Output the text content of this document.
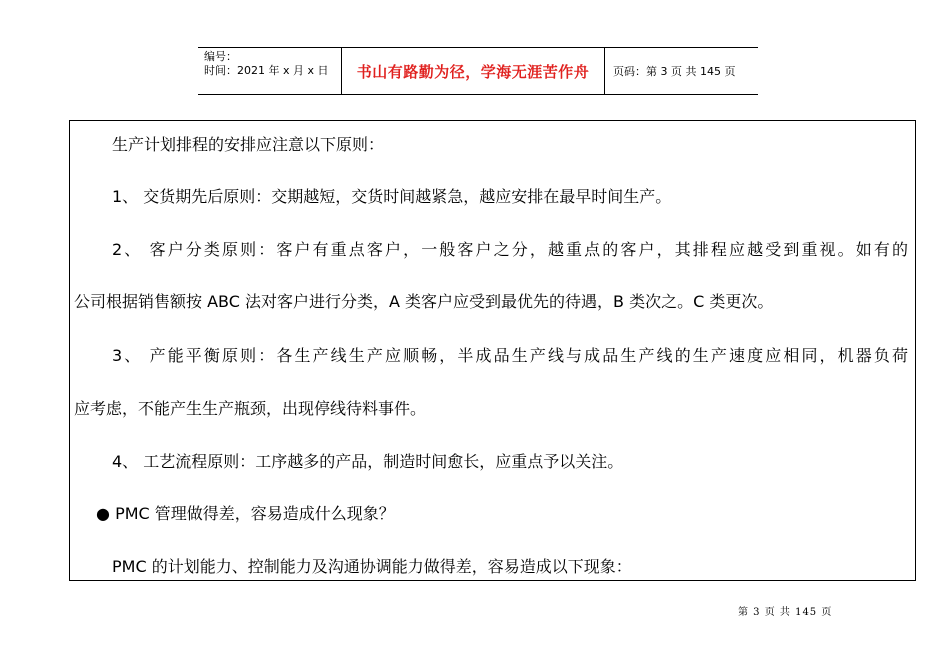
编号：
时间：2021 年 x 月 x 日	书山有路勤为径，学海无涯苦作舟 页码：第 3 页 共 145 页
生产计划排程的安排应注意以下原则：
1、 交货期先后原则：交期越短，交货时间越紧急，越应安排在最早时间生产。
2、 客户分类原则：客户有重点客户，一般客户之分，越重点的客户，其排程应越受到重视。如有的
公司根据销售额按 ABC 法对客户进行分类，A 类客户应受到最优先的待遇，B 类次之。C 类更次。
3、 产能平衡原则：各生产线生产应顺畅，半成品生产线与成品生产线的生产速度应相同，机器负荷
应考虑，不能产生生产瓶颈，出现停线待料事件。
4、 工艺流程原则：工序越多的产品，制造时间愈长，应重点予以关注。
● PMC 管理做得差，容易造成什么现象？
PMC 的计划能力、控制能力及沟通协调能力做得差，容易造成以下现象：
第 3 页 共 145 页
